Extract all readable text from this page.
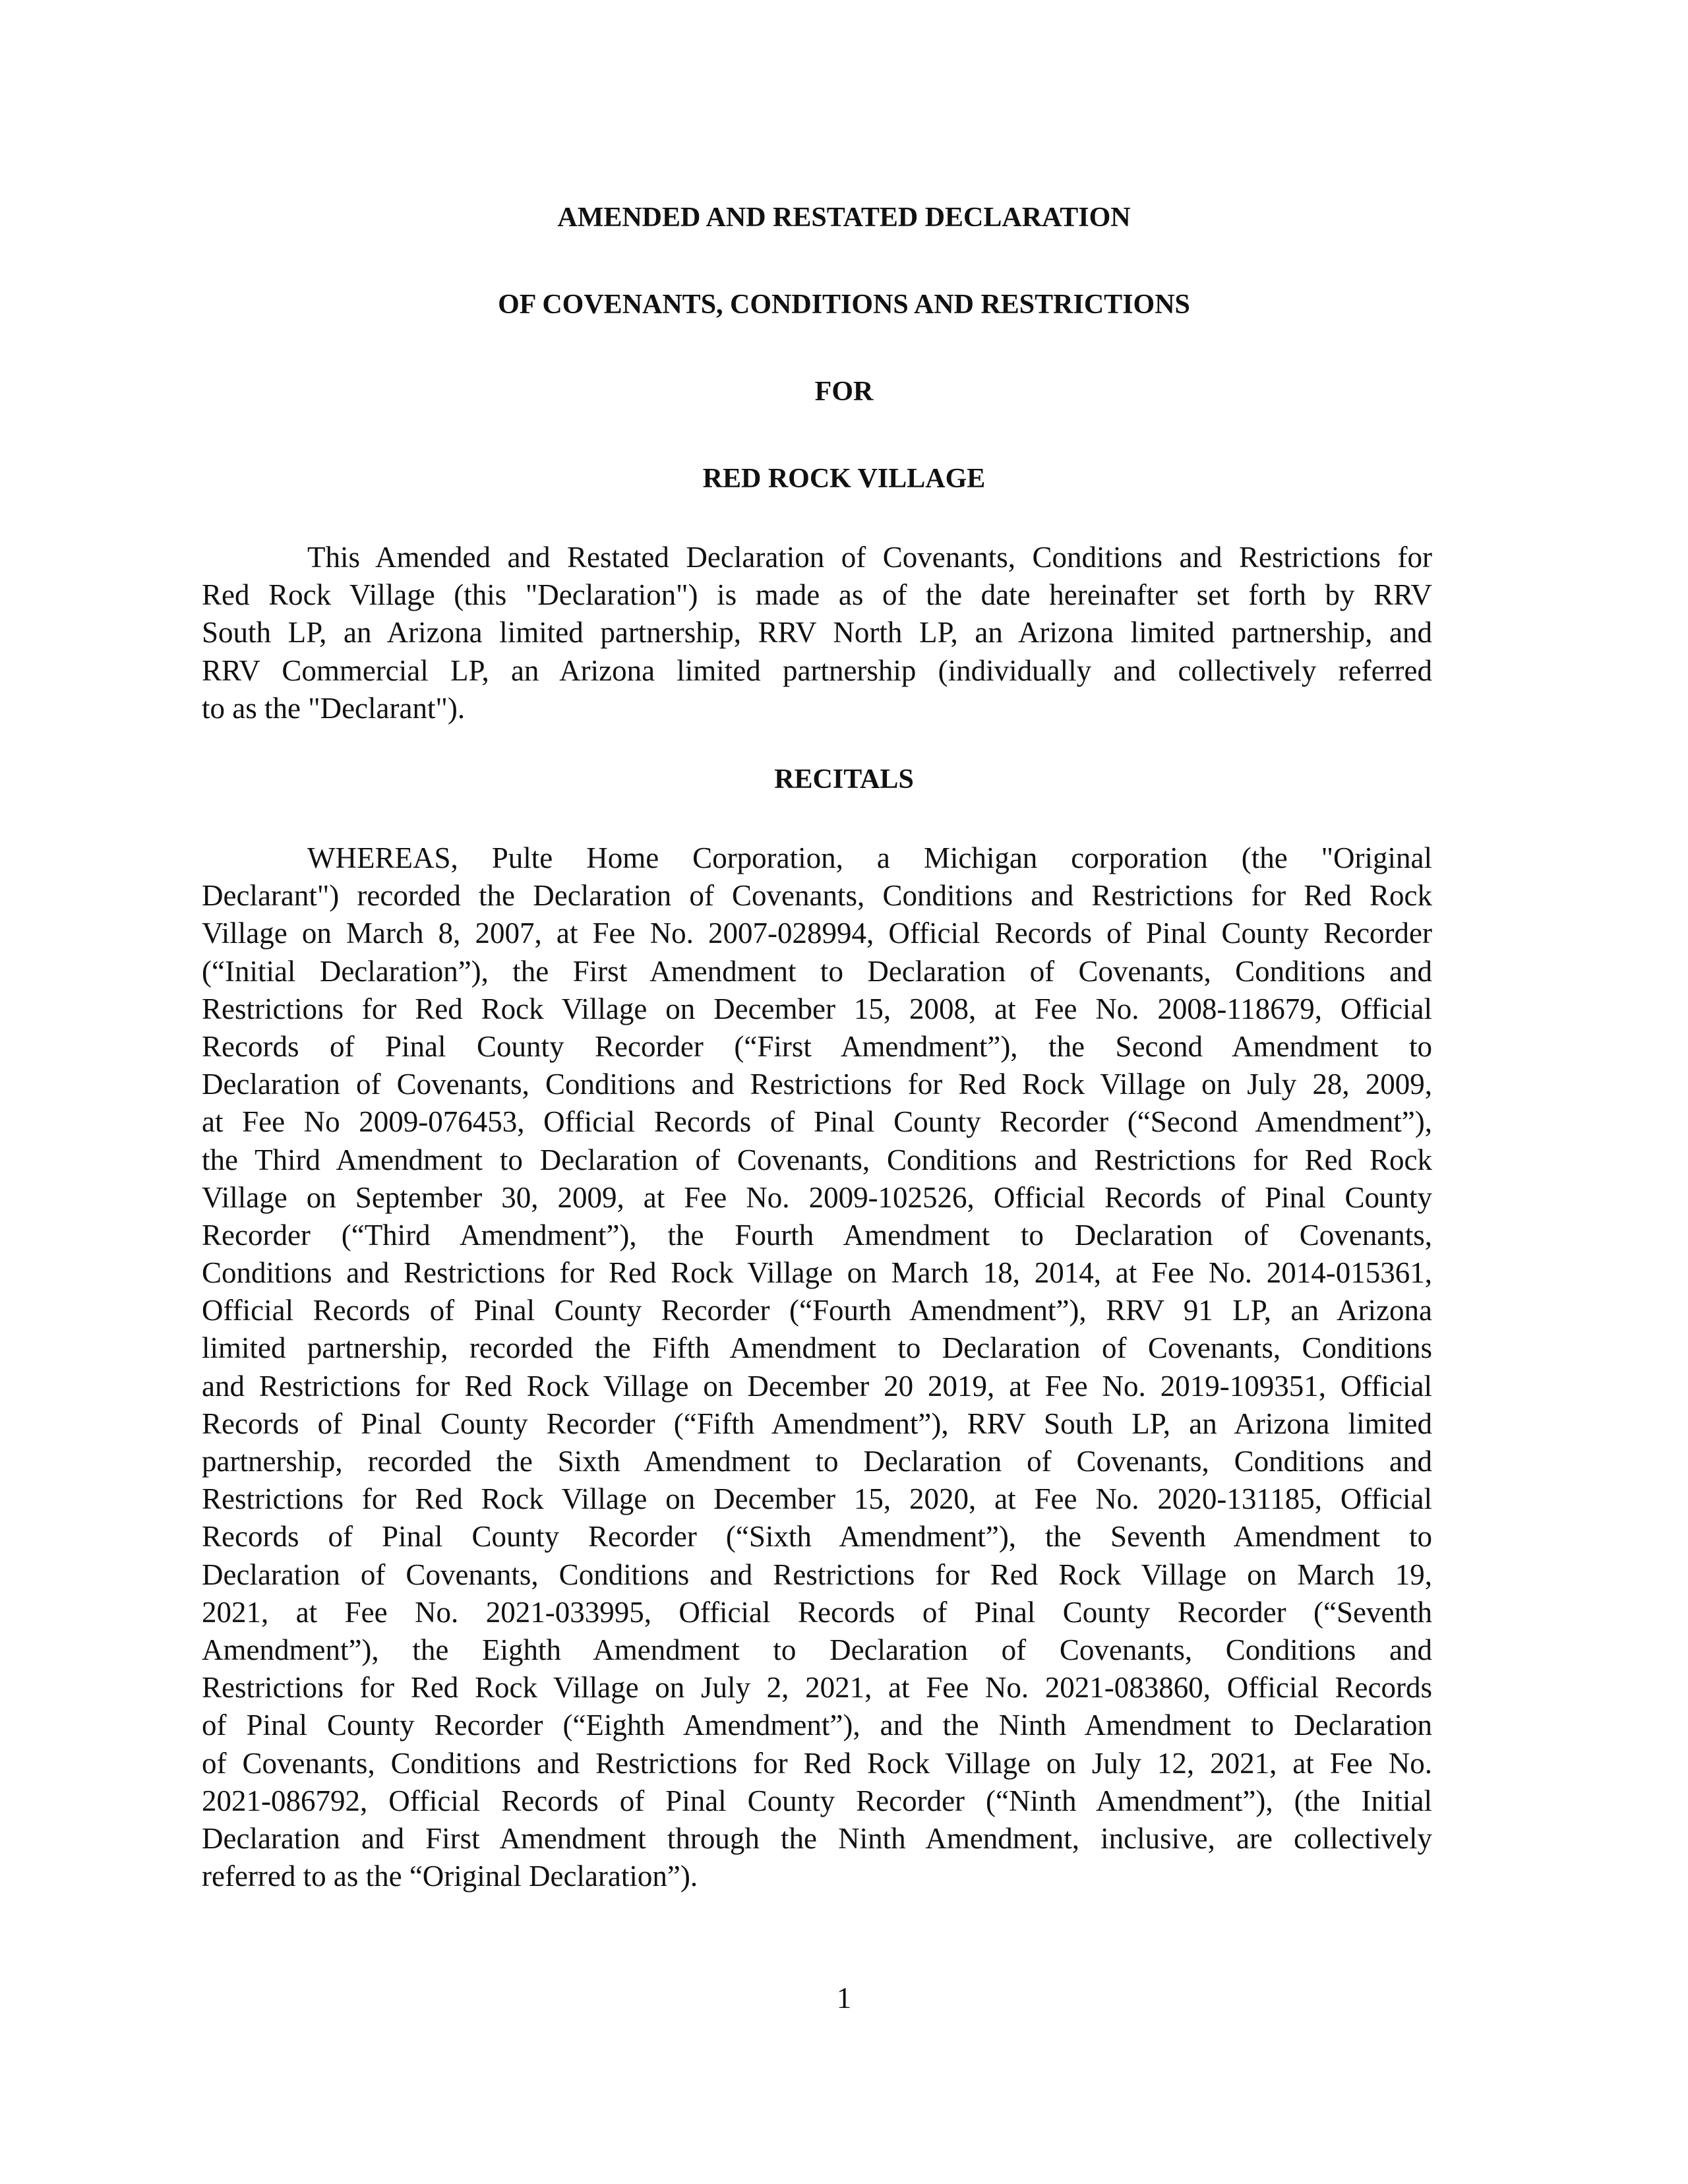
AMENDED AND RESTATED DECLARATION
OF COVENANTS, CONDITIONS AND RESTRICTIONS
FOR
RED ROCK VILLAGE

This Amended and Restated Declaration of Covenants, Conditions and Restrictions for
Red Rock Village (this "Declaration") is made as of the date hereinafter set forth by RRV
South LP, an Arizona limited partnership, RRV North LP, an Arizona limited partnership, and
RRV Commercial LP, an Arizona limited partnership (individually and collectively referred
to as the "Declarant").

RECITALS

WHEREAS, Pulte Home Corporation, a Michigan corporation (the "Original
Declarant") recorded the Declaration of Covenants, Conditions and Restrictions for Red Rock
Village on March 8, 2007, at Fee No. 2007-028994, Official Records of Pinal County Recorder
(“Initial Declaration”), the First Amendment to Declaration of Covenants, Conditions and
Restrictions for Red Rock Village on December 15, 2008, at Fee No. 2008-118679, Official
Records of Pinal County Recorder (“First Amendment”), the Second Amendment to
Declaration of Covenants, Conditions and Restrictions for Red Rock Village on July 28, 2009,
at Fee No 2009-076453, Official Records of Pinal County Recorder (“Second Amendment”),
the Third Amendment to Declaration of Covenants, Conditions and Restrictions for Red Rock
Village on September 30, 2009, at Fee No. 2009-102526, Official Records of Pinal County
Recorder (“Third Amendment”), the Fourth Amendment to Declaration of Covenants,
Conditions and Restrictions for Red Rock Village on March 18, 2014, at Fee No. 2014-015361,
Official Records of Pinal County Recorder (“Fourth Amendment”), RRV 91 LP, an Arizona
limited partnership, recorded the Fifth Amendment to Declaration of Covenants, Conditions
and Restrictions for Red Rock Village on December 20 2019, at Fee No. 2019-109351, Official
Records of Pinal County Recorder (“Fifth Amendment”), RRV South LP, an Arizona limited
partnership, recorded the Sixth Amendment to Declaration of Covenants, Conditions and
Restrictions for Red Rock Village on December 15, 2020, at Fee No. 2020-131185, Official
Records of Pinal County Recorder (“Sixth Amendment”), the Seventh Amendment to
Declaration of Covenants, Conditions and Restrictions for Red Rock Village on March 19,
2021, at Fee No. 2021-033995, Official Records of Pinal County Recorder (“Seventh
Amendment”), the Eighth Amendment to Declaration of Covenants, Conditions and
Restrictions for Red Rock Village on July 2, 2021, at Fee No. 2021-083860, Official Records
of Pinal County Recorder (“Eighth Amendment”), and the Ninth Amendment to Declaration
of Covenants, Conditions and Restrictions for Red Rock Village on July 12, 2021, at Fee No.
2021-086792, Official Records of Pinal County Recorder (“Ninth Amendment”), (the Initial
Declaration and First Amendment through the Ninth Amendment, inclusive, are collectively
referred to as the “Original Declaration”).

1
